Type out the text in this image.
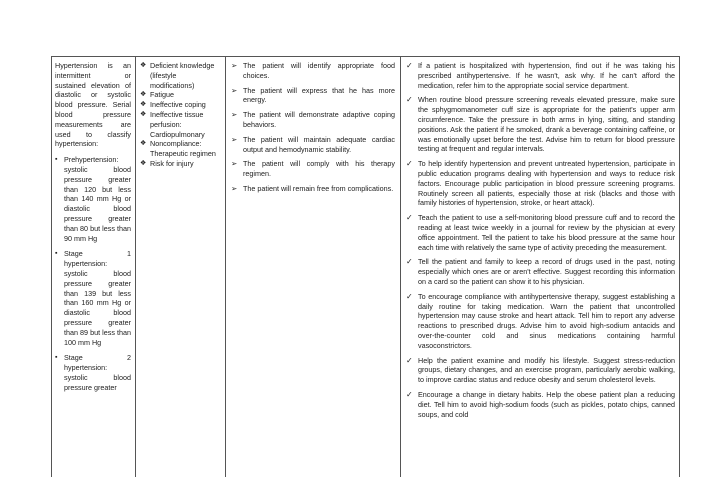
Hypertension is an intermittent or sustained elevation of diastolic or systolic blood pressure. Serial blood pressure measurements are used to classify hypertension:

▪ Prehypertension: systolic blood pressure greater than 120 but less than 140 mm Hg or diastolic blood pressure greater than 80 but less than 90 mm Hg
▪ Stage 1 hypertension: systolic blood pressure greater than 139 but less than 160 mm Hg or diastolic blood pressure greater than 89 but less than 100 mm Hg
▪ Stage 2 hypertension: systolic blood pressure greater
❖ Deficient knowledge (lifestyle modifications)
❖ Fatigue
❖ Ineffective coping
❖ Ineffective tissue perfusion: Cardiopulmonary
❖ Noncompliance: Therapeutic regimen
❖ Risk for injury
➢ The patient will identify appropriate food choices.
➢ The patient will express that he has more energy.
➢ The patient will demonstrate adaptive coping behaviors.
➢ The patient will maintain adequate cardiac output and hemodynamic stability.
➢ The patient will comply with his therapy regimen.
➢ The patient will remain free from complications.
✓ If a patient is hospitalized with hypertension, find out if he was taking his prescribed antihypertensive. If he wasn't, ask why. If he can't afford the medication, refer him to the appropriate social service department.
✓ When routine blood pressure screening reveals elevated pressure, make sure the sphygmomanometer cuff size is appropriate for the patient's upper arm circumference. Take the pressure in both arms in lying, sitting, and standing positions. Ask the patient if he smoked, drank a beverage containing caffeine, or was emotionally upset before the test. Advise him to return for blood pressure testing at frequent and regular intervals.
✓ To help identify hypertension and prevent untreated hypertension, participate in public education programs dealing with hypertension and ways to reduce risk factors. Encourage public participation in blood pressure screening programs. Routinely screen all patients, especially those at risk (blacks and those with family histories of hypertension, stroke, or heart attack).
✓ Teach the patient to use a self-monitoring blood pressure cuff and to record the reading at least twice weekly in a journal for review by the physician at every office appointment. Tell the patient to take his blood pressure at the same hour each time with relatively the same type of activity preceding the measurement.
✓ Tell the patient and family to keep a record of drugs used in the past, noting especially which ones are or aren't effective. Suggest recording this information on a card so the patient can show it to his physician.
✓ To encourage compliance with antihypertensive therapy, suggest establishing a daily routine for taking medication. Warn the patient that uncontrolled hypertension may cause stroke and heart attack. Tell him to report any adverse reactions to prescribed drugs. Advise him to avoid high-sodium antacids and over-the-counter cold and sinus medications containing harmful vasoconstrictors.
✓ Help the patient examine and modify his lifestyle. Suggest stress-reduction groups, dietary changes, and an exercise program, particularly aerobic walking, to improve cardiac status and reduce obesity and serum cholesterol levels.
✓ Encourage a change in dietary habits. Help the obese patient plan a reducing diet. Tell him to avoid high-sodium foods (such as pickles, potato chips, canned soups, and cold
